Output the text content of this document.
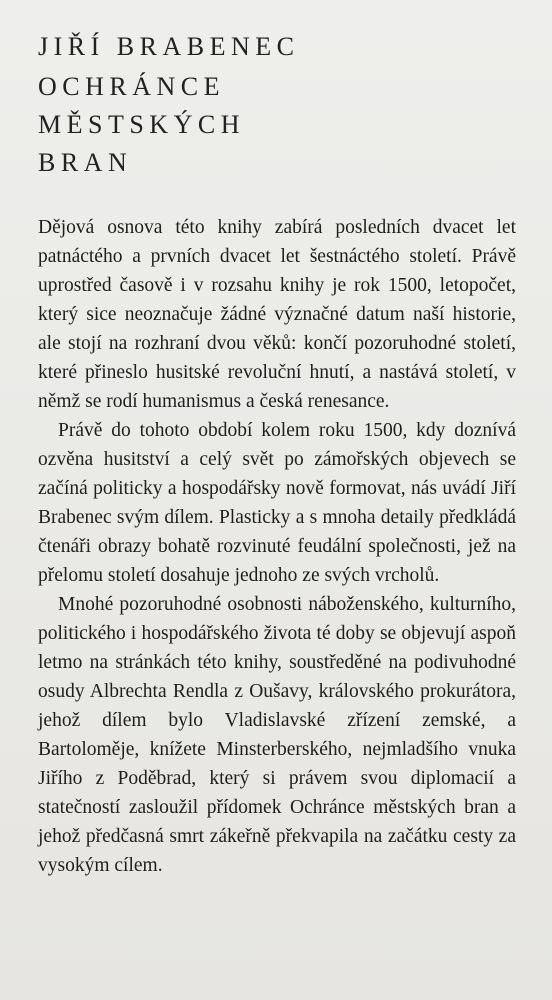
JIŘÍ BRABENEC
OCHRÁNCE
MĚSTSKÝCH
BRAN

Dějová osnova této knihy zabírá posledních dvacet let patnáctého a prvních dvacet let šestnáctého století. Právě uprostřed časově i v rozsahu knihy je rok 1500, letopočet, který sice neoznačuje žádné význačné datum naší historie, ale stojí na rozhraní dvou věků: končí pozoruhodné století, které přineslo husitské revoluční hnutí, a nastává století, v němž se rodí humanismus a česká renesance.

Právě do tohoto období kolem roku 1500, kdy doznívá ozvěna husitství a celý svět po zámořských objevech se začíná politicky a hospodářsky nově formovat, nás uvádí Jiří Brabenec svým dílem. Plasticky a s mnoha detaily předkládá čtenáři obrazy bohatě rozvinuté feudální společnosti, jež na přelomu století dosahuje jednoho ze svých vrcholů.

Mnohé pozoruhodné osobnosti náboženského, kulturního, politického i hospodářského života té doby se objevují aspoň letmo na stránkách této knihy, soustředěné na podivuhodné osudy Albrechta Rendla z Oušavy, královského prokurátora, jehož dílem bylo Vladislavské zřízení zemské, a Bartoloměje, knížete Minsterberského, nejmladšího vnuka Jiřího z Poděbrad, který si právem svou diplomacií a statečností zasloužil přídomek Ochránce městských bran a jehož předčasná smrt zákeřně překvapila na začátku cesty za vysokým cílem.
